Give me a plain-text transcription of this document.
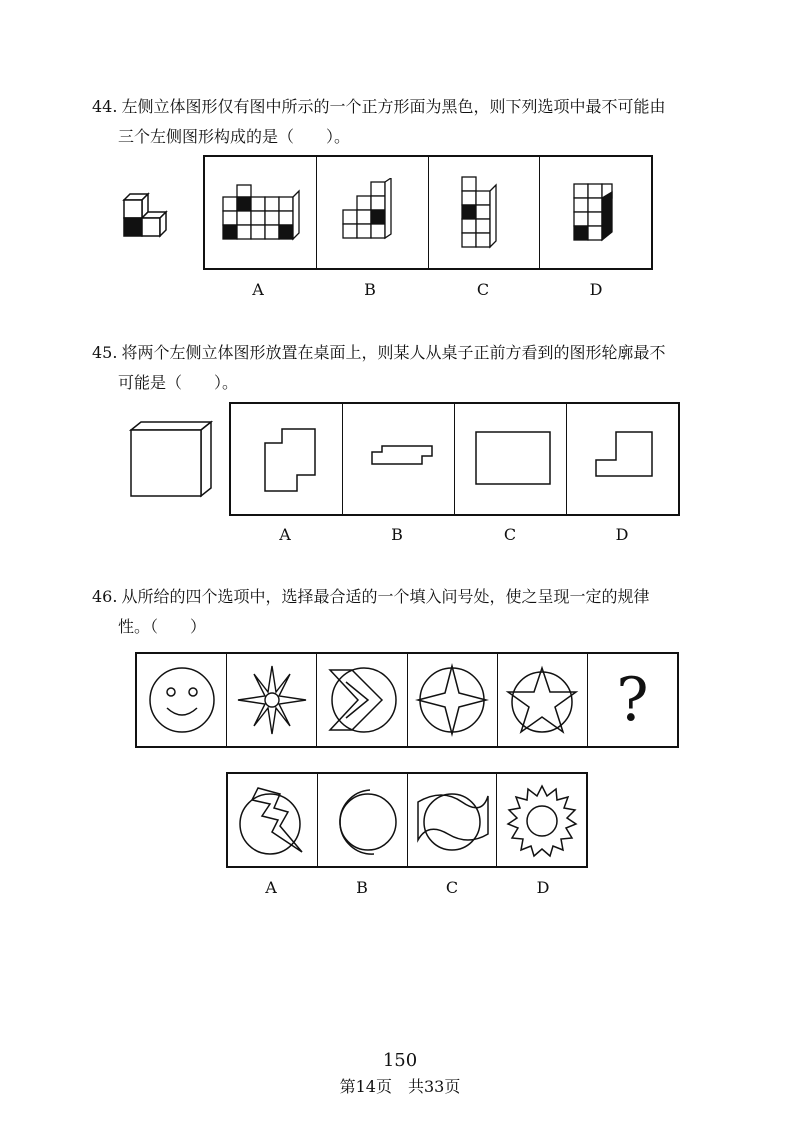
44. 左侧立体图形仅有图中所示的一个正方形面为黑色，则下列选项中最不可能由
三个左侧图形构成的是（　　）。
A	B	C	D
45. 将两个左侧立体图形放置在桌面上，则某人从桌子正前方看到的图形轮廓最不
可能是（　　）。
A	B	C	D
46. 从所给的四个选项中，选择最合适的一个填入问号处，使之呈现一定的规律
性。（　　）
?
A	B	C	D
150
第14页　共33页
